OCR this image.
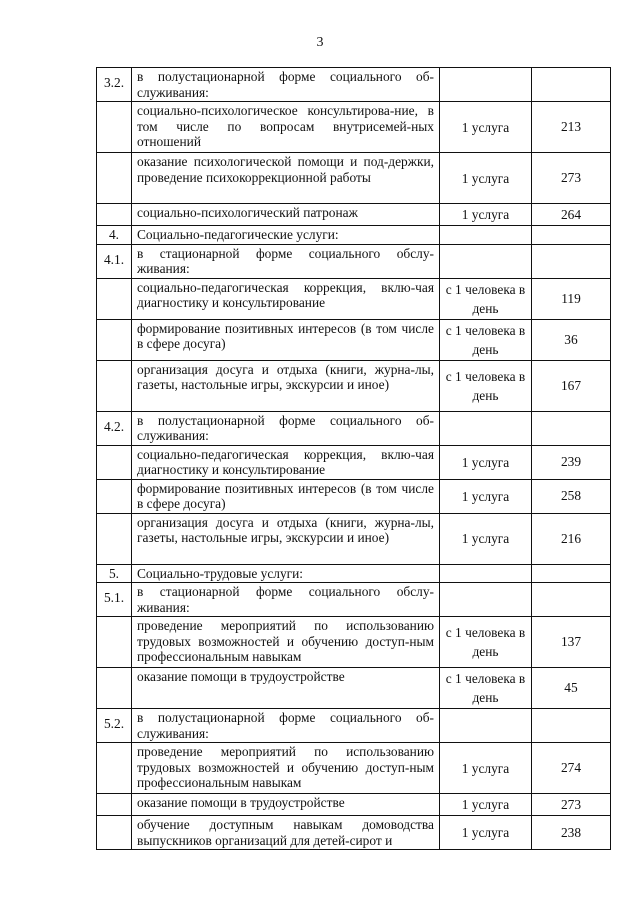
3
3.2.	в полустационарной форме социального об-служивания:		
	социально-психологическое консультирова-ние, в том числе по вопросам внутрисемей-ных отношений	1 услуга	213
	оказание психологической помощи и под-держки, проведение психокоррекционной работы	1 услуга	273
	социально-психологический патронаж	1 услуга	264
4.	Социально-педагогические услуги:		
4.1.	в стационарной форме социального обслу-живания:		
	социально-педагогическая коррекция, вклю-чая диагностику и консультирование	с 1 человека в день	119
	формирование позитивных интересов (в том числе в сфере досуга)	с 1 человека в день	36
	организация досуга и отдыха (книги, журна-лы, газеты, настольные игры, экскурсии и иное)	с 1 человека в день	167
4.2.	в полустационарной форме социального об-служивания:		
	социально-педагогическая коррекция, вклю-чая диагностику и консультирование	1 услуга	239
	формирование позитивных интересов (в том числе в сфере досуга)	1 услуга	258
	организация досуга и отдыха (книги, журна-лы, газеты, настольные игры, экскурсии и иное)	1 услуга	216
5.	Социально-трудовые услуги:		
5.1.	в стационарной форме социального обслу-живания:		
	проведение мероприятий по использованию трудовых возможностей и обучению доступ-ным профессиональным навыкам	с 1 человека в день	137
	оказание помощи в трудоустройстве	с 1 человека в день	45
5.2.	в полустационарной форме социального об-служивания:		
	проведение мероприятий по использованию трудовых возможностей и обучению доступ-ным профессиональным навыкам	1 услуга	274
	оказание помощи в трудоустройстве	1 услуга	273
	обучение доступным навыкам домоводства выпускников организаций для детей-сирот и	1 услуга	238
